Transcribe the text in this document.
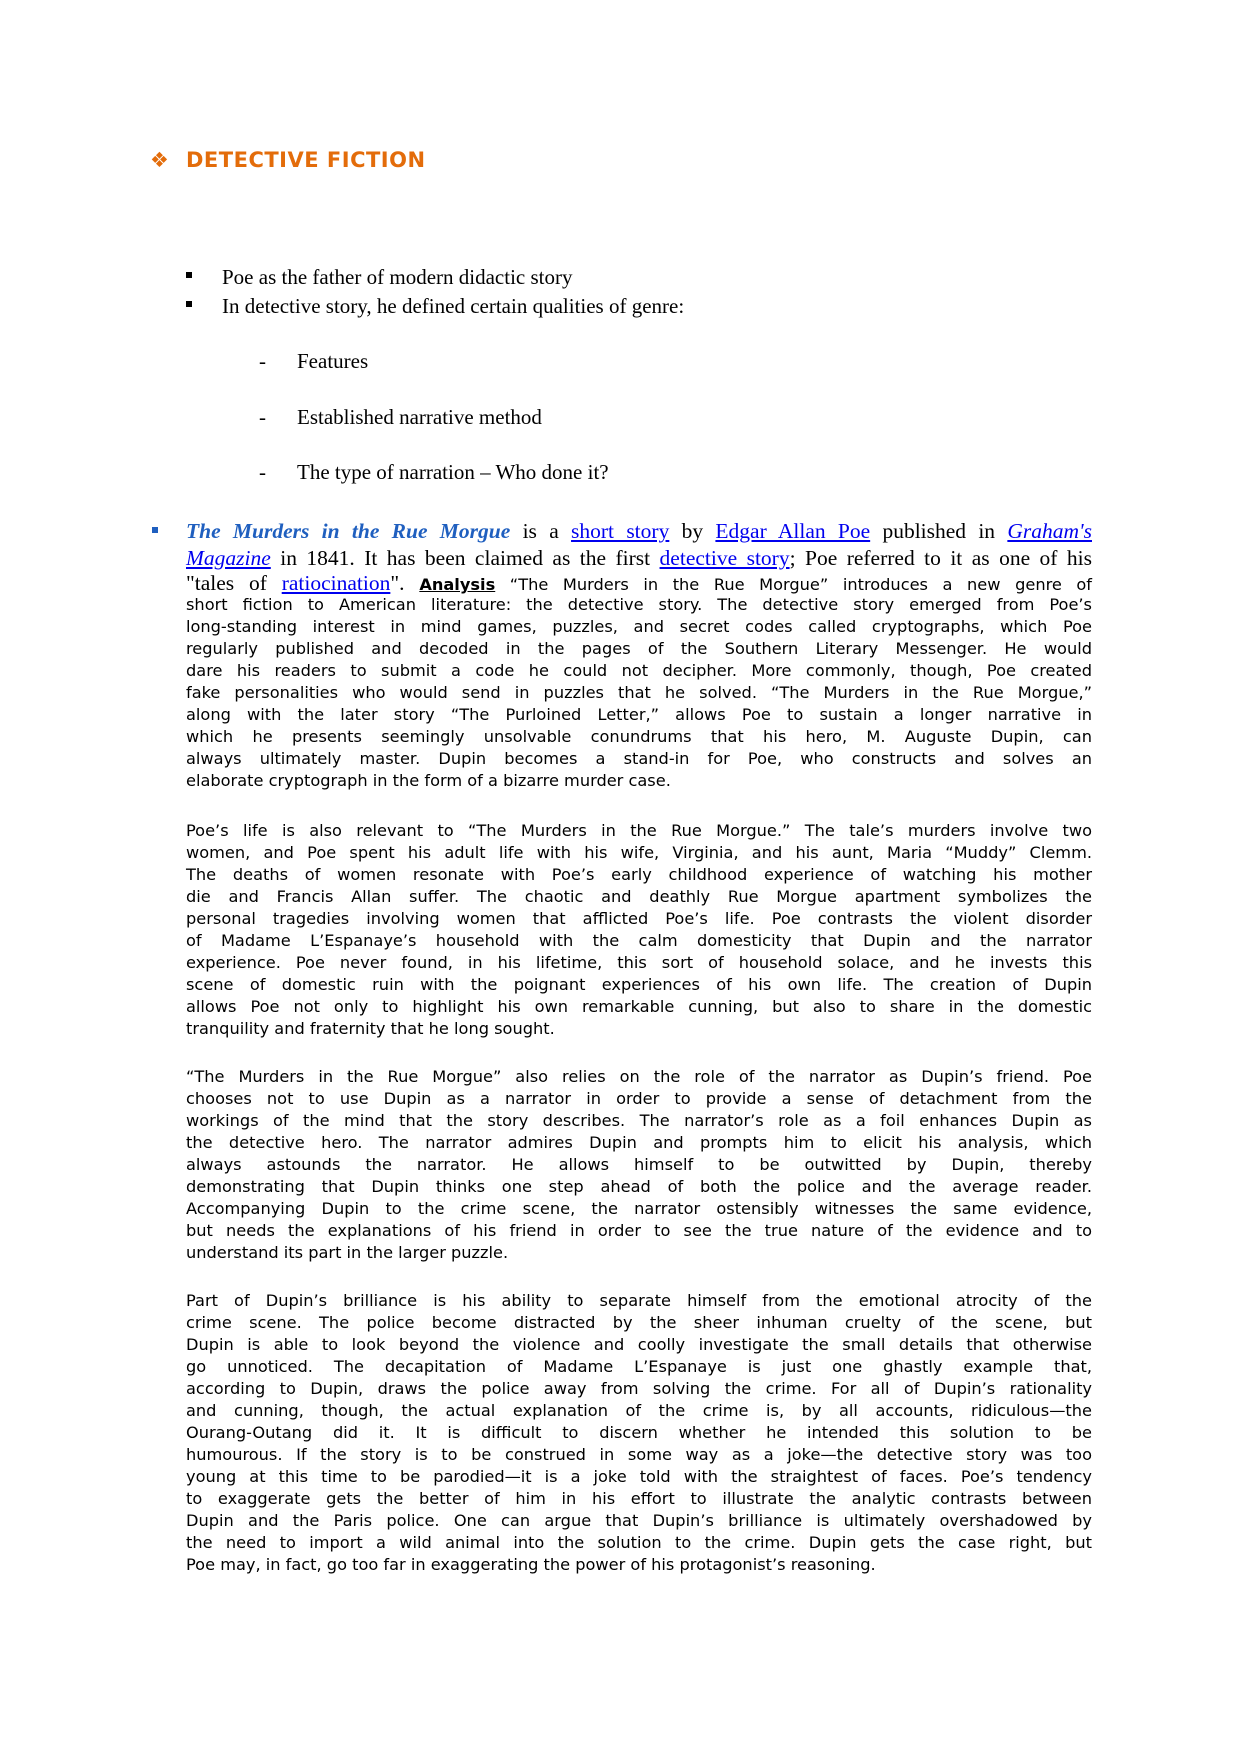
❖ DETECTIVE FICTION
Poe as the father of modern didactic story
In detective story, he defined certain qualities of genre:
- Features
- Established narrative method
- The type of narration – Who done it?
The Murders in the Rue Morgue is a short story by Edgar Allan Poe published in Graham's
Magazine in 1841. It has been claimed as the first detective story; Poe referred to it as one of his
"tales of ratiocination". Analysis “The Murders in the Rue Morgue” introduces a new genre of
short fiction to American literature: the detective story. The detective story emerged from Poe’s
long-standing interest in mind games, puzzles, and secret codes called cryptographs, which Poe
regularly published and decoded in the pages of the Southern Literary Messenger. He would
dare his readers to submit a code he could not decipher. More commonly, though, Poe created
fake personalities who would send in puzzles that he solved. “The Murders in the Rue Morgue,”
along with the later story “The Purloined Letter,” allows Poe to sustain a longer narrative in
which he presents seemingly unsolvable conundrums that his hero, M. Auguste Dupin, can
always ultimately master. Dupin becomes a stand-in for Poe, who constructs and solves an
elaborate cryptograph in the form of a bizarre murder case.
Poe’s life is also relevant to “The Murders in the Rue Morgue.” The tale’s murders involve two
women, and Poe spent his adult life with his wife, Virginia, and his aunt, Maria “Muddy” Clemm.
The deaths of women resonate with Poe’s early childhood experience of watching his mother
die and Francis Allan suffer. The chaotic and deathly Rue Morgue apartment symbolizes the
personal tragedies involving women that afflicted Poe’s life. Poe contrasts the violent disorder
of Madame L’Espanaye’s household with the calm domesticity that Dupin and the narrator
experience. Poe never found, in his lifetime, this sort of household solace, and he invests this
scene of domestic ruin with the poignant experiences of his own life. The creation of Dupin
allows Poe not only to highlight his own remarkable cunning, but also to share in the domestic
tranquility and fraternity that he long sought.
“The Murders in the Rue Morgue” also relies on the role of the narrator as Dupin’s friend. Poe
chooses not to use Dupin as a narrator in order to provide a sense of detachment from the
workings of the mind that the story describes. The narrator’s role as a foil enhances Dupin as
the detective hero. The narrator admires Dupin and prompts him to elicit his analysis, which
always astounds the narrator. He allows himself to be outwitted by Dupin, thereby
demonstrating that Dupin thinks one step ahead of both the police and the average reader.
Accompanying Dupin to the crime scene, the narrator ostensibly witnesses the same evidence,
but needs the explanations of his friend in order to see the true nature of the evidence and to
understand its part in the larger puzzle.
Part of Dupin’s brilliance is his ability to separate himself from the emotional atrocity of the
crime scene. The police become distracted by the sheer inhuman cruelty of the scene, but
Dupin is able to look beyond the violence and coolly investigate the small details that otherwise
go unnoticed. The decapitation of Madame L’Espanaye is just one ghastly example that,
according to Dupin, draws the police away from solving the crime. For all of Dupin’s rationality
and cunning, though, the actual explanation of the crime is, by all accounts, ridiculous—the
Ourang-Outang did it. It is difficult to discern whether he intended this solution to be
humourous. If the story is to be construed in some way as a joke—the detective story was too
young at this time to be parodied—it is a joke told with the straightest of faces. Poe’s tendency
to exaggerate gets the better of him in his effort to illustrate the analytic contrasts between
Dupin and the Paris police. One can argue that Dupin’s brilliance is ultimately overshadowed by
the need to import a wild animal into the solution to the crime. Dupin gets the case right, but
Poe may, in fact, go too far in exaggerating the power of his protagonist’s reasoning.
